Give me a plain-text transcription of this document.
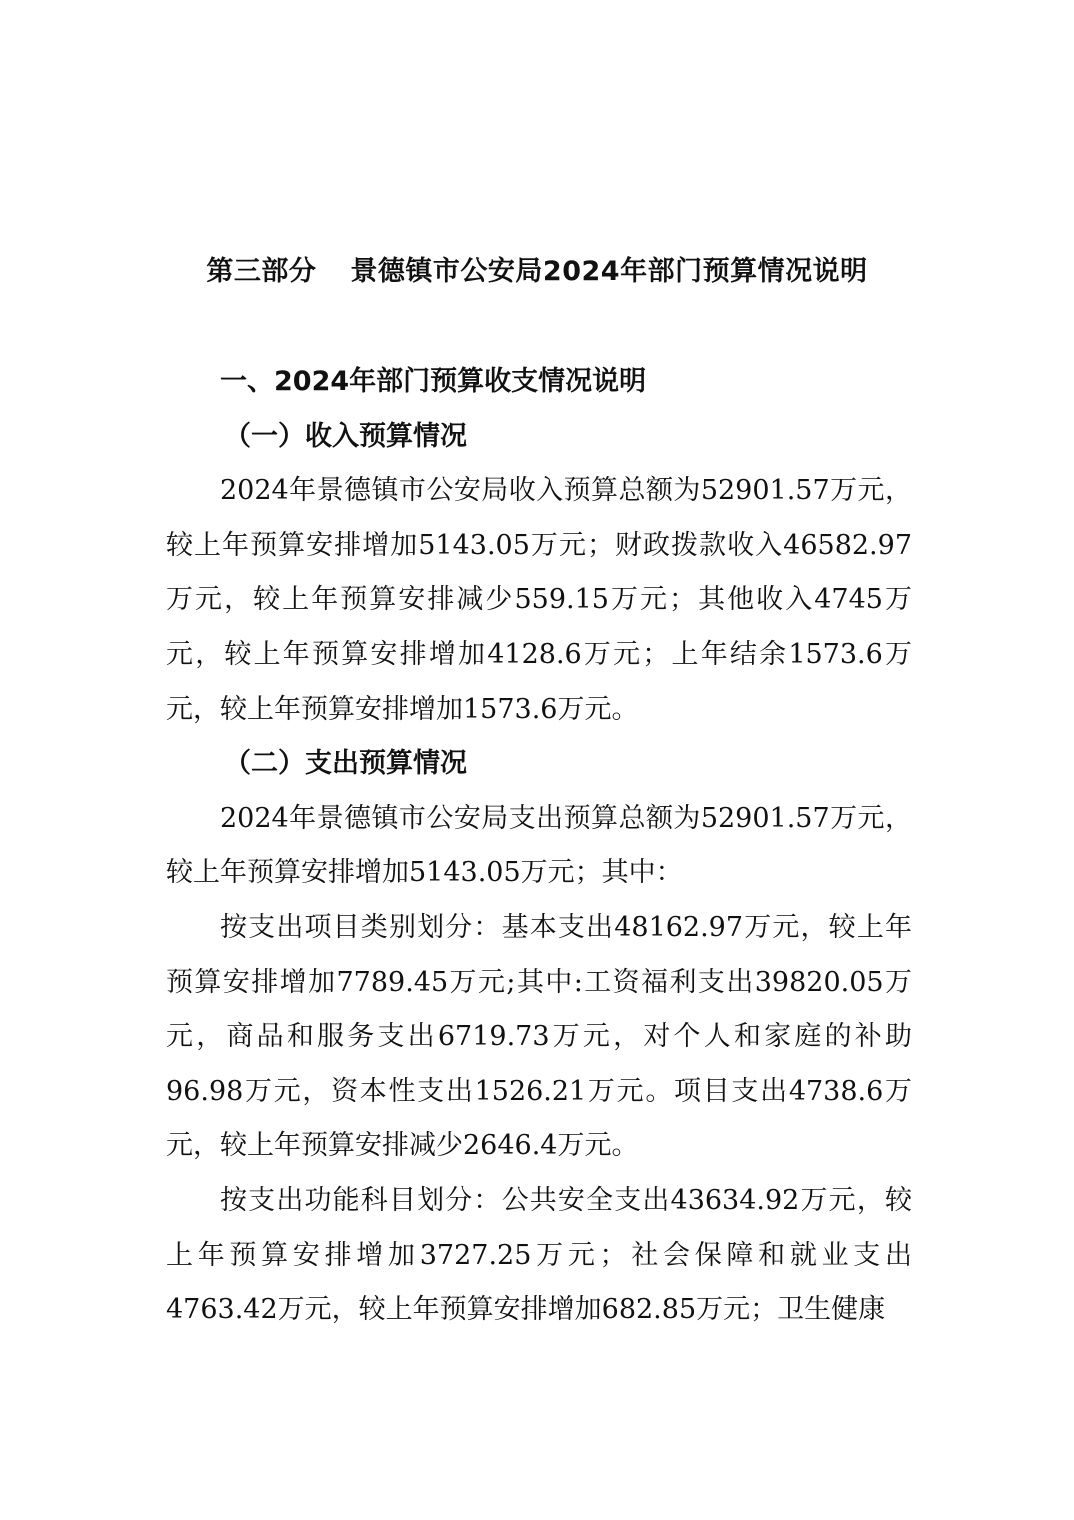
第三部分 景德镇市公安局2024年部门预算情况说明

一、2024年部门预算收支情况说明

（一）收入预算情况

2024年景德镇市公安局收入预算总额为52901.57万元，较上年预算安排增加5143.05万元；财政拨款收入46582.97万元，较上年预算安排减少559.15万元；其他收入4745万元，较上年预算安排增加4128.6万元；上年结余1573.6万元，较上年预算安排增加1573.6万元。

（二）支出预算情况

2024年景德镇市公安局支出预算总额为52901.57万元，较上年预算安排增加5143.05万元；其中：

按支出项目类别划分：基本支出48162.97万元，较上年预算安排增加7789.45万元;其中:工资福利支出39820.05万元，商品和服务支出6719.73万元，对个人和家庭的补助96.98万元，资本性支出1526.21万元。项目支出4738.6万元，较上年预算安排减少2646.4万元。

按支出功能科目划分：公共安全支出43634.92万元，较上年预算安排增加3727.25万元；社会保障和就业支出4763.42万元，较上年预算安排增加682.85万元；卫生健康
